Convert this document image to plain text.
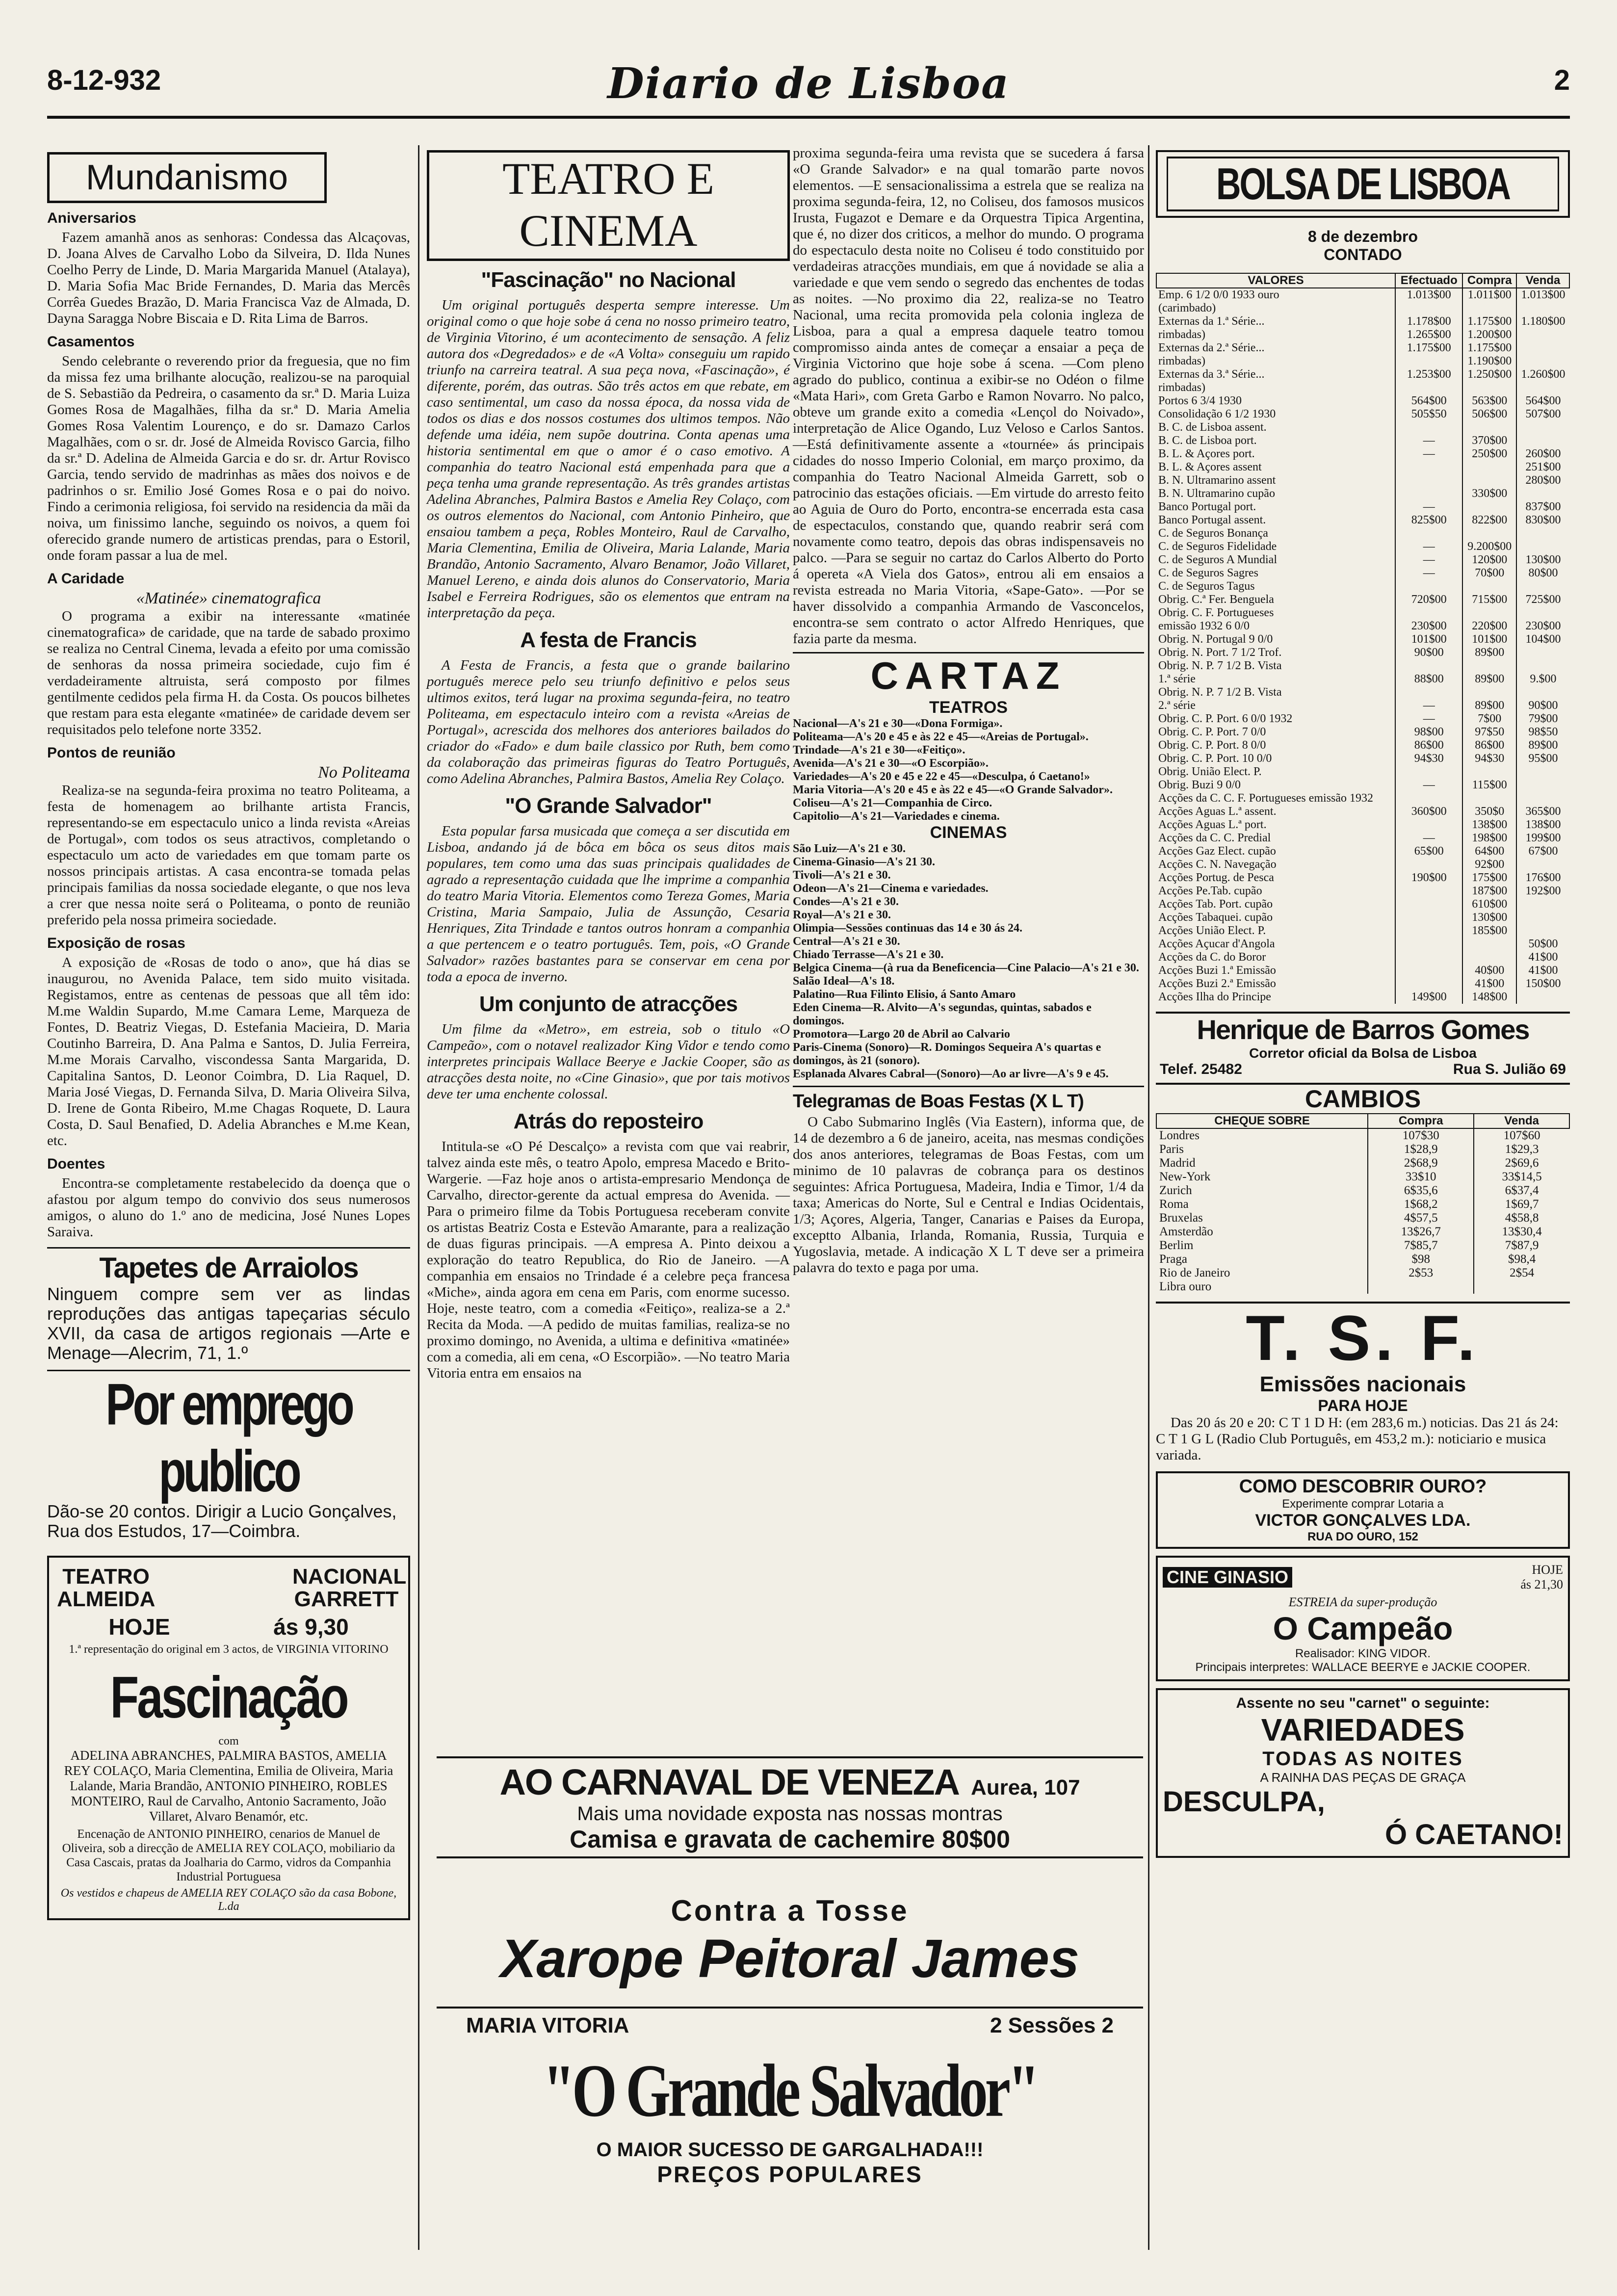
8-12-932	Diario de Lisboa	2
Mundanismo
Aniversarios

Fazem amanhã anos as senhoras: Condessa das Alcaçovas, D. Joana Alves de Carvalho Lobo da Silveira, D. Ilda Nunes Coelho Perry de Linde, D. Maria Margarida Manuel (Atalaya), D. Maria Sofia Mac Bride Fernandes, D. Maria das Mercês Corrêa Guedes Brazão, D. Maria Francisca Vaz de Almada, D. Dayna Saragga Nobre Biscaia e D. Rita Lima de Barros.

Casamentos

Sendo celebrante o reverendo prior da freguesia, que no fim da missa fez uma brilhante alocução, realizou-se na paroquial de S. Sebastião da Pedreira, o casamento da sr.ª D. Maria Luiza Gomes Rosa de Magalhães, filha da sr.ª D. Maria Amelia Gomes Rosa Valentim Lourenço, e do sr. Damazo Carlos Magalhães, com o sr. dr. José de Almeida Rovisco Garcia, filho da sr.ª D. Adelina de Almeida Garcia e do sr. dr. Artur Rovisco Garcia, tendo servido de madrinhas as mães dos noivos e de padrinhos o sr. Emilio José Gomes Rosa e o pai do noivo. Findo a cerimonia religiosa, foi servido na residencia da mãi da noiva, um finissimo lanche, seguindo os noivos, a quem foi oferecido grande numero de artisticas prendas, para o Estoril, onde foram passar a lua de mel.

A Caridade
«Matinée» cinematografica

O programa a exibir na interessante «matinée cinematografica» de caridade, que na tarde de sabado proximo se realiza no Central Cinema, levada a efeito por uma comissão de senhoras da nossa primeira sociedade, cujo fim é verdadeiramente altruista, será composto por filmes gentilmente cedidos pela firma H. da Costa. Os poucos bilhetes que restam para esta elegante «matinée» de caridade devem ser requisitados pelo telefone norte 3352.

Pontos de reunião
No Politeama

Realiza-se na segunda-feira proxima no teatro Politeama, a festa de homenagem ao brilhante artista Francis, representando-se em espectaculo unico a linda revista «Areias de Portugal», com todos os seus atractivos, completando o espectaculo um acto de variedades em que tomam parte os nossos principais artistas. A casa encontra-se tomada pelas principais familias da nossa sociedade elegante, o que nos leva a crer que nessa noite será o Politeama, o ponto de reunião preferido pela nossa primeira sociedade.

Exposição de rosas

A exposição de «Rosas de todo o ano», que há dias se inaugurou, no Avenida Palace, tem sido muito visitada. Registamos, entre as centenas de pessoas que all têm ido: M.me Waldin Supardo, M.me Camara Leme, Marqueza de Fontes, D. Beatriz Viegas, D. Estefania Macieira, D. Maria Coutinho Barreira, D. Ana Palma e Santos, D. Julia Ferreira, M.me Morais Carvalho, viscondessa Santa Margarida, D. Capitalina Santos, D. Leonor Coimbra, D. Lia Raquel, D. Maria José Viegas, D. Fernanda Silva, D. Maria Oliveira Silva, D. Irene de Gonta Ribeiro, M.me Chagas Roquete, D. Laura Costa, D. Saul Benafied, D. Adelia Abranches e M.me Kean, etc.

Doentes

Encontra-se completamente restabelecido da doença que o afastou por algum tempo do convivio dos seus numerosos amigos, o aluno do 1.º ano de medicina, José Nunes Lopes Saraiva.

Tapetes de Arraiolos
Ninguem compre sem ver as lindas reproduções das antigas tapeçarias século XVII, da casa de artigos regionais —Arte e Menage—Alecrim, 71, 1.º
Por emprego publico
Dão-se 20 contos. Dirigir a Lucio Gonçalves, Rua dos Estudos, 17—Coimbra.
TEATRO ALMEIDA
NACIONAL GARRETT
HOJE	ás 9,30
1.ª representação do original em 3 actos, de VIRGINIA VITORINO
Fascinação
com
ADELINA ABRANCHES, PALMIRA BASTOS, AMELIA REY COLAÇO, Maria Clementina, Emilia de Oliveira, Maria Lalande, Maria Brandão, ANTONIO PINHEIRO, ROBLES MONTEIRO, Raul de Carvalho, Antonio Sacramento, João Villaret, Alvaro Benamór, etc.
Encenação de ANTONIO PINHEIRO, cenarios de Manuel de Oliveira, sob a direcção de AMELIA REY COLAÇO, mobiliario da Casa Cascais, pratas da Joalharia do Carmo, vidros da Companhia Industrial Portuguesa
Os vestidos e chapeus de AMELIA REY COLAÇO são da casa Bobone, L.da
TEATRO E CINEMA
"Fascinação" no Nacional

Um original português desperta sempre interesse. Um original como o que hoje sobe á cena no nosso primeiro teatro, de Virginia Vitorino, é um acontecimento de sensação. A feliz autora dos «Degredados» e de «A Volta» conseguiu um rapido triunfo na carreira teatral. A sua peça nova, «Fascinação», é diferente, porém, das outras. São três actos em que rebate, em caso sentimental, um caso da nossa época, da nossa vida de todos os dias e dos nossos costumes dos ultimos tempos. Não defende uma idéia, nem supõe doutrina. Conta apenas uma historia sentimental em que o amor é o caso emotivo. A companhia do teatro Nacional está empenhada para que a peça tenha uma grande representação. As três grandes artistas Adelina Abranches, Palmira Bastos e Amelia Rey Colaço, com os outros elementos do Nacional, com Antonio Pinheiro, que ensaiou tambem a peça, Robles Monteiro, Raul de Carvalho, Maria Clementina, Emilia de Oliveira, Maria Lalande, Maria Brandão, Antonio Sacramento, Alvaro Benamor, João Villaret, Manuel Lereno, e ainda dois alunos do Conservatorio, Maria Isabel e Ferreira Rodrigues, são os elementos que entram na interpretação da peça.

A festa de Francis

A Festa de Francis, a festa que o grande bailarino português merece pelo seu triunfo definitivo e pelos seus ultimos exitos, terá lugar na proxima segunda-feira, no teatro Politeama, em espectaculo inteiro com a revista «Areias de Portugal», acrescida dos melhores dos anteriores bailados do criador do «Fado» e dum baile classico por Ruth, bem como da colaboração das primeiras figuras do Teatro Português, como Adelina Abranches, Palmira Bastos, Amelia Rey Colaço.

"O Grande Salvador"

Esta popular farsa musicada que começa a ser discutida em Lisboa, andando já de bôca em bôca os seus ditos mais populares, tem como uma das suas principais qualidades de agrado a representação cuidada que lhe imprime a companhia do teatro Maria Vitoria. Elementos como Tereza Gomes, Maria Cristina, Maria Sampaio, Julia de Assunção, Cesaria Henriques, Zita Trindade e tantos outros honram a companhia a que pertencem e o teatro português. Tem, pois, «O Grande Salvador» razões bastantes para se conservar em cena por toda a epoca de inverno.

Um conjunto de atracções

Um filme da «Metro», em estreia, sob o titulo «O Campeão», com o notavel realizador King Vidor e tendo como interpretes principais Wallace Beerye e Jackie Cooper, são as atracções desta noite, no «Cine Ginasio», que por tais motivos deve ter uma enchente colossal.

Atrás do reposteiro

Intitula-se «O Pé Descalço» a revista com que vai reabrir, talvez ainda este mês, o teatro Apolo, empresa Macedo e Brito-Wargerie. —Faz hoje anos o artista-empresario Mendonça de Carvalho, director-gerente da actual empresa do Avenida. —Para o primeiro filme da Tobis Portuguesa receberam convite os artistas Beatriz Costa e Estevão Amarante, para a realização de duas figuras principais. —A empresa A. Pinto deixou a exploração do teatro Republica, do Rio de Janeiro. —A companhia em ensaios no Trindade é a celebre peça francesa «Miche», ainda agora em cena em Paris, com enorme sucesso. Hoje, neste teatro, com a comedia «Feitiço», realiza-se a 2.ª Recita da Moda. —A pedido de muitas familias, realiza-se no proximo domingo, no Avenida, a ultima e definitiva «matinée» com a comedia, ali em cena, «O Escorpião». —No teatro Maria Vitoria entra em ensaios na

proxima segunda-feira uma revista que se sucedera á farsa «O Grande Salvador» e na qual tomarão parte novos elementos. —E sensacionalissima a estrela que se realiza na proxima segunda-feira, 12, no Coliseu, dos famosos musicos Irusta, Fugazot e Demare e da Orquestra Tipica Argentina, que é, no dizer dos criticos, a melhor do mundo. O programa do espectaculo desta noite no Coliseu é todo constituido por verdadeiras atracções mundiais, em que á novidade se alia a variedade e que vem sendo o segredo das enchentes de todas as noites. —No proximo dia 22, realiza-se no Teatro Nacional, uma recita promovida pela colonia ingleza de Lisboa, para a qual a empresa daquele teatro tomou compromisso ainda antes de começar a ensaiar a peça de Virginia Victorino que hoje sobe á scena. —Com pleno agrado do publico, continua a exibir-se no Odéon o filme «Mata Hari», com Greta Garbo e Ramon Novarro. No palco, obteve um grande exito a comedia «Lençol do Noivado», interpretação de Alice Ogando, Luz Veloso e Carlos Santos. —Está definitivamente assente a «tournée» ás principais cidades do nosso Imperio Colonial, em março proximo, da companhia do Teatro Nacional Almeida Garrett, sob o patrocinio das estações oficiais. —Em virtude do arresto feito ao Aguia de Ouro do Porto, encontra-se encerrada esta casa de espectaculos, constando que, quando reabrir será com novamente como teatro, depois das obras indispensaveis no palco. —Para se seguir no cartaz do Carlos Alberto do Porto á opereta «A Viela dos Gatos», entrou ali em ensaios a revista estreada no Maria Vitoria, «Sape-Gato». —Por se haver dissolvido a companhia Armando de Vasconcelos, encontra-se sem contrato o actor Alfredo Henriques, que fazia parte da mesma.

CARTAZ
TEATROS
Nacional—A's 21 e 30—«Dona Formiga».
Politeama—A's 20 e 45 e às 22 e 45—«Areias de Portugal».
Trindade—A's 21 e 30—«Feitiço».
Avenida—A's 21 e 30—«O Escorpião».
Variedades—A's 20 e 45 e 22 e 45—«Desculpa, ó Caetano!»
Maria Vitoria—A's 20 e 45 e às 22 e 45—«O Grande Salvador».
Coliseu—A's 21—Companhia de Circo.
Capitolio—A's 21—Variedades e cinema.
CINEMAS
São Luiz—A's 21 e 30.
Cinema-Ginasio—A's 21 30.
Tivoli—A's 21 e 30.
Odeon—A's 21—Cinema e variedades.
Condes—A's 21 e 30.
Royal—A's 21 e 30.
Olimpia—Sessões continuas das 14 e 30 ás 24.
Central—A's 21 e 30.
Chiado Terrasse—A's 21 e 30.
Belgica Cinema—(à rua da Beneficencia—Cine Palacio—A's 21 e 30.
Salão Ideal—A's 18.
Palatino—Rua Filinto Elisio, á Santo Amaro
Eden Cinema—R. Alvito—A's segundas, quintas, sabados e domingos.
Promotora—Largo 20 de Abril ao Calvario
Paris-Cinema (Sonoro)—R. Domingos Sequeira A's quartas e domingos, às 21 (sonoro).
Esplanada Alvares Cabral—(Sonoro)—Ao ar livre—A's 9 e 45.
Telegramas de Boas Festas (X L T)

O Cabo Submarino Inglês (Via Eastern), informa que, de 14 de dezembro a 6 de janeiro, aceita, nas mesmas condições dos anos anteriores, telegramas de Boas Festas, com um minimo de 10 palavras de cobrança para os destinos seguintes: Africa Portuguesa, Madeira, India e Timor, 1/4 da taxa; Americas do Norte, Sul e Central e Indias Ocidentais, 1/3; Açores, Algeria, Tanger, Canarias e Paises da Europa, exceptto Albania, Irlanda, Romania, Russia, Turquia e Yugoslavia, metade. A indicação X L T deve ser a primeira palavra do texto e paga por uma.

BOLSA DE LISBOA
8 de dezembro
CONTADO
VALORES	Efectuado	Compra	Venda
Emp. 6 1/2 0/0 1933 ouro	1.013$00	1.011$00	1.013$00
(carimbado)			
Externas da 1.ª Série...	1.178$00	1.175$00	1.180$00
rimbadas)	1.265$00	1.200$00	
Externas da 2.ª Série...	1.175$00	1.175$00	
rimbadas)		1.190$00	
Externas da 3.ª Série...	1.253$00	1.250$00	1.260$00
rimbadas)			
Portos 6 3/4 1930	564$00	563$00	564$00
Consolidação 6 1/2 1930	505$50	506$00	507$00
B. C. de Lisboa assent.			
B. C. de Lisboa port.	—	370$00	
B. L. & Açores port.	—	250$00	260$00
B. L. & Açores assent			251$00
B. N. Ultramarino assent			280$00
B. N. Ultramarino cupão		330$00	
Banco Portugal port.	—		837$00
Banco Portugal assent.	825$00	822$00	830$00
C. de Seguros Bonança			
C. de Seguros Fidelidade	—	9.200$00	
C. de Seguros A Mundial	—	120$00	130$00
C. de Seguros Sagres	—	70$00	80$00
C. de Seguros Tagus			
Obrig. C.ª Fer. Benguela	720$00	715$00	725$00
Obrig. C. F. Portugueses			
emissão 1932 6 0/0	230$00	220$00	230$00
Obrig. N. Portugal 9 0/0	101$00	101$00	104$00
Obrig. N. Port. 7 1/2 Trof.	90$00	89$00	
Obrig. N. P. 7 1/2 B. Vista			
1.ª série	88$00	89$00	9.$00
Obrig. N. P. 7 1/2 B. Vista			
2.ª série	—	89$00	90$00
Obrig. C. P. Port. 6 0/0 1932	—	7$00	79$00
Obrig. C. P. Port. 7 0/0	98$00	97$50	98$50
Obrig. C. P. Port. 8 0/0	86$00	86$00	89$00
Obrig. C. P. Port. 10 0/0	94$30	94$30	95$00
Obrig. União Elect. P.			
Obrig. Buzi 9 0/0	—	115$00	
Acções da C. C. F. Portugueses emissão 1932			
Acções Aguas L.ª assent.	360$00	350$0	365$00
Acções Aguas L.ª port.		138$00	138$00
Acções da C. C. Predial	—	198$00	199$00
Acções Gaz Elect. cupão	65$00	64$00	67$00
Acções C. N. Navegação		92$00	
Acções Portug. de Pesca	190$00	175$00	176$00
Acções Pe.Tab. cupão		187$00	192$00
Acções Tab. Port. cupão		610$00	
Acções Tabaquei. cupão		130$00	
Acções União Elect. P.		185$00	
Acções Açucar d'Angola			50$00
Acções da C. do Boror			41$00
Acções Buzi 1.ª Emissão		40$00	41$00
Acções Buzi 2.ª Emissão		41$00	150$00
Acções Ilha do Principe	149$00	148$00	
Henrique de Barros Gomes
Corretor oficial da Bolsa de Lisboa
Telef. 25482	Rua S. Julião 69
CAMBIOS
CHEQUE SOBRE	Compra	Venda
Londres	107$30	107$60
Paris	1$28,9	1$29,3
Madrid	2$68,9	2$69,6
New-York	33$10	33$14,5
Zurich	6$35,6	6$37,4
Roma	1$68,2	1$69,7
Bruxelas	4$57,5	4$58,8
Amsterdão	13$26,7	13$30,4
Berlim	7$85,7	7$87,9
Praga	$98	$98,4
Rio de Janeiro	2$53	2$54
Libra ouro		
T. S. F.
Emissões nacionais
PARA HOJE

Das 20 ás 20 e 20: C T 1 D H: (em 283,6 m.) noticias. Das 21 ás 24: C T 1 G L (Radio Club Português, em 453,2 m.): noticiario e musica variada.

COMO DESCOBRIR OURO?
Experimente comprar Lotaria a
VICTOR GONÇALVES LDA.
RUA DO OURO, 152
CINE GINASIO	HOJE
ás 21,30
ESTREIA da super-produção
O Campeão
Realisador: KING VIDOR.
Principais interpretes: WALLACE BEERYE e JACKIE COOPER.
Assente no seu "carnet" o seguinte:
VARIEDADES
TODAS AS NOITES
A RAINHA DAS PEÇAS DE GRAÇA
DESCULPA,
Ó CAETANO!
AO CARNAVAL DE VENEZA Aurea, 107
Mais uma novidade exposta nas nossas montras
Camisa e gravata de cachemire 80$00
Contra a Tosse
Xarope Peitoral James
MARIA VITORIA	2 Sessões 2
"O Grande Salvador"
O MAIOR SUCESSO DE GARGALHADA!!!
PREÇOS POPULARES
